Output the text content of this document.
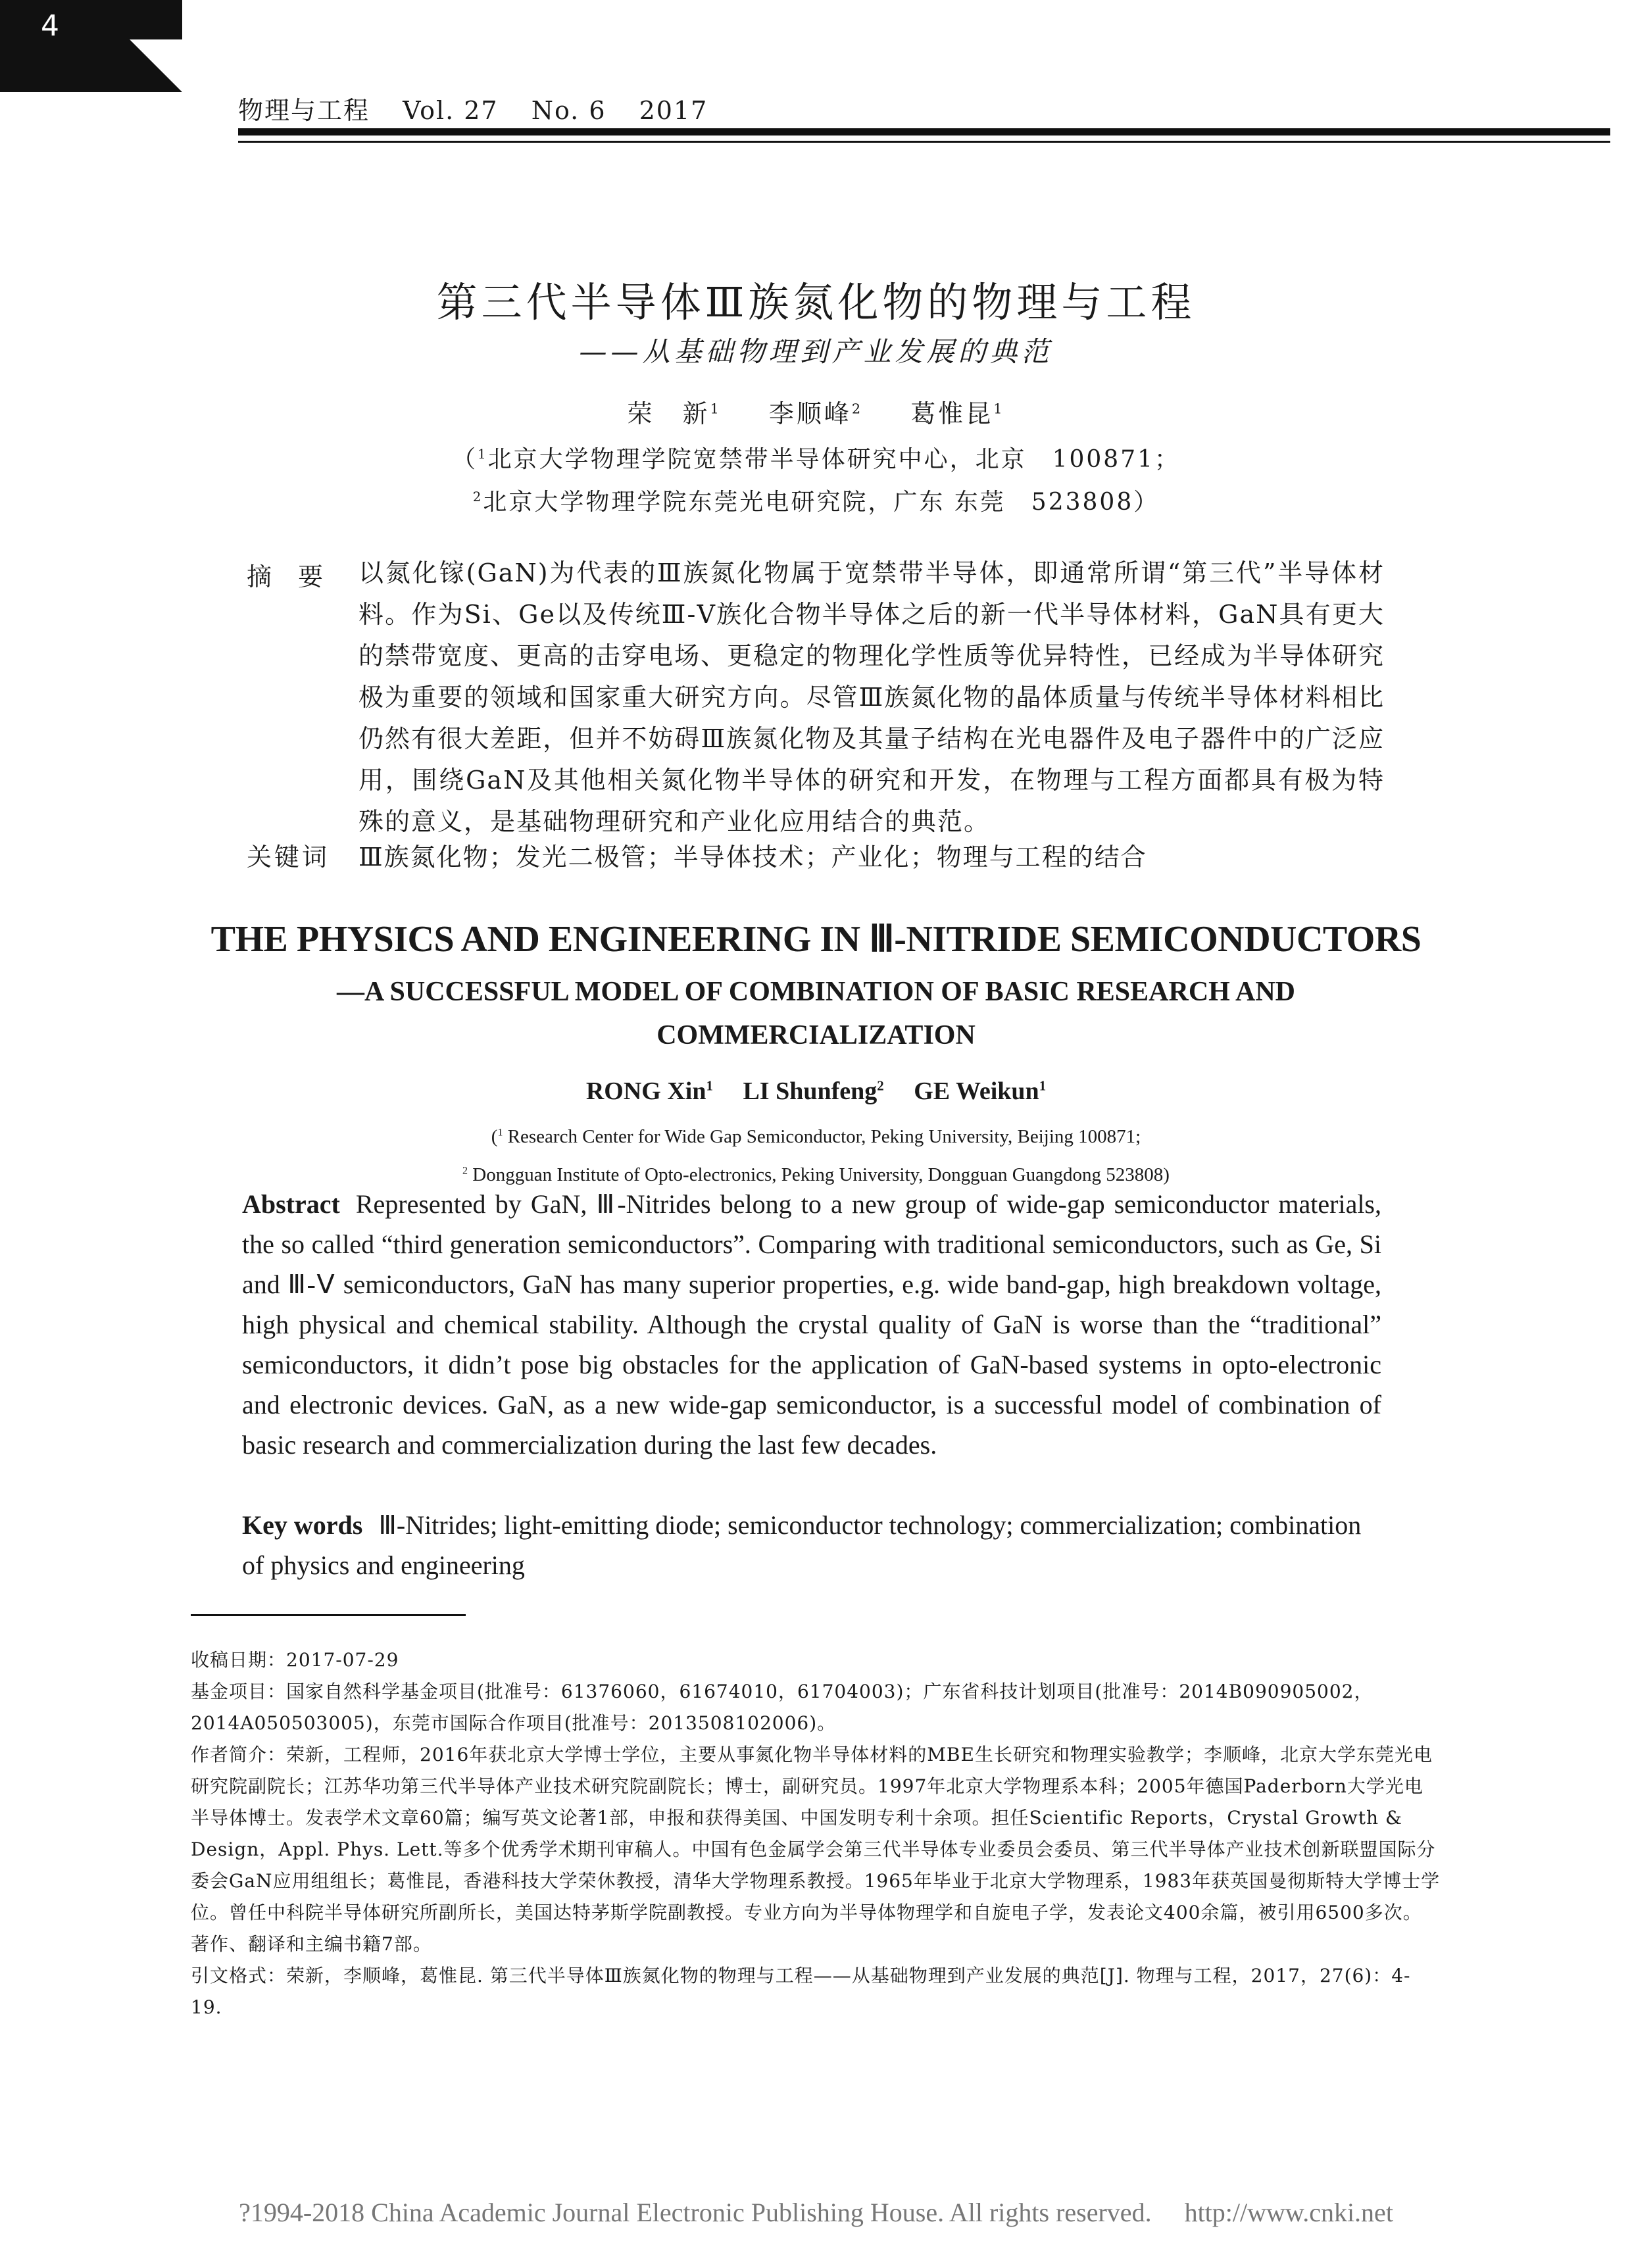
4
物理与工程 Vol. 27 No. 6 2017
第三代半导体Ⅲ族氮化物的物理与工程
——从基础物理到产业发展的典范
荣　新$^1$ 李顺峰$^2$ 葛惟昆$^1$
（$^1$北京大学物理学院宽禁带半导体研究中心，北京　100871；
$^2$北京大学物理学院东莞光电研究院，广东 东莞　523808）
摘要 以氮化镓(GaN)为代表的Ⅲ族氮化物属于宽禁带半导体，即通常所谓“第三代”半导体材料。作为Si、Ge以及传统Ⅲ-Ⅴ族化合物半导体之后的新一代半导体材料，GaN具有更大的禁带宽度、更高的击穿电场、更稳定的物理化学性质等优异特性，已经成为半导体研究极为重要的领域和国家重大研究方向。尽管Ⅲ族氮化物的晶体质量与传统半导体材料相比仍然有很大差距，但并不妨碍Ⅲ族氮化物及其量子结构在光电器件及电子器件中的广泛应用，围绕GaN及其他相关氮化物半导体的研究和开发，在物理与工程方面都具有极为特殊的意义，是基础物理研究和产业化应用结合的典范。
关键词 Ⅲ族氮化物；发光二极管；半导体技术；产业化；物理与工程的结合
THE PHYSICS AND ENGINEERING IN Ⅲ-NITRIDE SEMICONDUCTORS
—A SUCCESSFUL MODEL OF COMBINATION OF BASIC RESEARCH AND
COMMERCIALIZATION
RONG Xin$^1$ LI Shunfeng$^2$ GE Weikun$^1$
($^1$ Research Center for Wide Gap Semiconductor, Peking University, Beijing 100871;
$^2$ Dongguan Institute of Opto-electronics, Peking University, Dongguan Guangdong 523808)
Abstract Represented by GaN, Ⅲ-Nitrides belong to a new group of wide-gap semiconductor materials, the so called “third generation semiconductors”. Comparing with traditional semiconductors, such as Ge, Si and Ⅲ-Ⅴ semiconductors, GaN has many superior properties, e.g. wide band-gap, high breakdown voltage, high physical and chemical stability. Although the crystal quality of GaN is worse than the “traditional” semiconductors, it didn’t pose big obstacles for the application of GaN-based systems in opto-electronic and electronic devices. GaN, as a new wide-gap semiconductor, is a successful model of combination of basic research and commercialization during the last few decades.
Key words Ⅲ-Nitrides; light-emitting diode; semiconductor technology; commercialization; combination of physics and engineering

收稿日期：2017-07-29

基金项目：国家自然科学基金项目(批准号：61376060，61674010，61704003)；广东省科技计划项目(批准号：2014B090905002，2014A050503005)，东莞市国际合作项目(批准号：2013508102006)。

作者简介：荣新，工程师，2016年获北京大学博士学位，主要从事氮化物半导体材料的MBE生长研究和物理实验教学；李顺峰，北京大学东莞光电研究院副院长；江苏华功第三代半导体产业技术研究院副院长；博士，副研究员。1997年北京大学物理系本科；2005年德国Paderborn大学光电半导体博士。发表学术文章60篇；编写英文论著1部，申报和获得美国、中国发明专利十余项。担任Scientific Reports，Crystal Growth & Design，Appl. Phys. Lett.等多个优秀学术期刊审稿人。中国有色金属学会第三代半导体专业委员会委员、第三代半导体产业技术创新联盟国际分委会GaN应用组组长；葛惟昆，香港科技大学荣休教授，清华大学物理系教授。1965年毕业于北京大学物理系，1983年获英国曼彻斯特大学博士学位。曾任中科院半导体研究所副所长，美国达特茅斯学院副教授。专业方向为半导体物理学和自旋电子学，发表论文400余篇，被引用6500多次。著作、翻译和主编书籍7部。

引文格式：荣新，李顺峰，葛惟昆. 第三代半导体Ⅲ族氮化物的物理与工程——从基础物理到产业发展的典范[J]. 物理与工程，2017，27(6)：4-19.

?1994-2018 China Academic Journal Electronic Publishing House. All rights reserved. http://www.cnki.net
